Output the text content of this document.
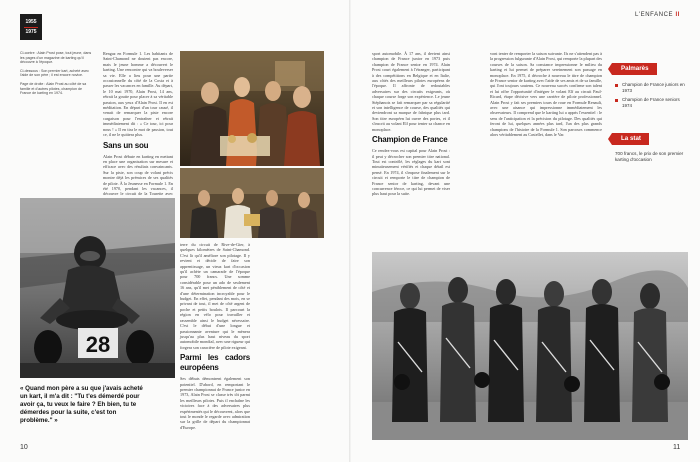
1955
1975

Ci-contre : Alain Prost pose, tout jeune, dans les pages d'un magazine de karting qu'il découvre à l'époque.

Ci-dessous : Son premier kart, acheté avec l'aide de son père ; il est encore novice.

Page de droite : Alain Prost au côté de sa famille et d'autres pilotes, champion de France de karting en 1974.

Rengaz en Formule 1. Les habitants de Saint-Chamond ne doutent pas encore, mais le jeune homme a découvert le karting. Une rencontre qui va bouleverser sa vie. Elle a lieu pour une partie occasionnelle du côté de la Costa et à passer les vacances en famille. Au départ, le 10 mai 1970, Alain Prost, 14 ans, rétrait la goutte pour placer à sa véritable passion, aux yeux d'Alain Prost. Il en est méditation. En départ d'un tour causé, il venait de remarquer la piste encore cargaison pour l'entraîner et rétrait immédiatement dit : « Ce tour, ici pour nous ! » Il en tira le mot de passion, tout ce, il ne le quittera plus.

Sans un sou

Alain Prost débute en karting en mettant en place une organisation sur mesure et efficace avec des résultats convaincants. Sur la piste, son coup de volant précis montre déjà les prémices de ses qualités de pilote. À la Jeunesse en Formule 1. En été 1970, pendant les vacances, il découvre le circuit de la Tourette avec

28

terre du circuit de Rive-de-Gier, à quelques kilomètres de Saint-Chamond. C'est là qu'il améliore son pilotage. Il y revient et décide de faire son apprentissage, un vieux kart d'occasion qu'il achète un camarade de l'époque pour 700 francs. Une somme considérable pour un ado de seulement 16 ans, qu'il met péniblement de côté et d'une détermination incroyable pour le budget. En effet, pendant des mois, en se privant de tout, il met de côté argent de poche et petits boulots. Il parcourt la région en vélo pour travailler et rassemble ainsi le budget nécessaire. C'est le début d'une longue et passionnante aventure qui le mènera jusqu'au plus haut niveau du sport automobile mondial, avec une rigueur qui forgera son caractère de pilote exigeant.

Parmi les cadors européens

Ses débuts démontrent également son potentiel. D'abord, en remportant le premier championnat de France junior en 1973, Alain Prost se classe très tôt parmi les meilleurs pilotes. Puis il enchaîne les victoires face à des adversaires plus expérimentés qui le découvrent, alors que tout le monde le regarde avec admiration sur la grille de départ du championnat d'Europe.

« Quand mon père a su que j'avais acheté un kart, il m'a dit : "Tu t'es démerdé pour avoir ça, tu veux le faire ? Eh bien, tu te démerdes pour la suite, c'est ton problème." »
10
L'ENFANCE II

sport automobile. À 17 ans, il devient ainsi champion de France junior en 1973 puis champion de France senior en 1974. Alain Prost court également à l'étranger, participant à des compétitions en Belgique et en Italie, aux côtés des meilleurs pilotes européens de l'époque. Il affronte de redoutables adversaires sur des circuits exigeants, où chaque course forge son expérience. Le jeune Stéphanois se fait remarquer par sa régularité et son intelligence de course, des qualités qui deviendront sa marque de fabrique plus tard. Son titre européen lui ouvre des portes, et il s'inscrit au volant Elf pour tenter sa chance en monoplace.

Champion de France

Ce rendez-vous est capital pour Alain Prost : il peut y décrocher son premier titre national. Tout est contrôlé, les réglages du kart sont minutieusement vérifiés et chaque détail est pensé. En 1974, il s'impose finalement sur le circuit et remporte le titre de champion de France senior de karting, devant une concurrence féroce, ce qui lui permet de viser plus haut pour la suite.

vont tenter de remporter la saison suivante. Ils ne s'attendent pas à la progression fulgurante d'Alain Prost, qui remporte la plupart des courses de la saison. Sa constance impressionne le milieu du karting et lui permet de préparer sereinement son passage en monoplace. En 1975, il décroche à nouveau le titre de champion de France senior de karting avec l'aide de ses amis et de sa famille, qui l'ont toujours soutenu. Ce nouveau succès confirme son talent et lui offre l'opportunité d'intégrer le volant Elf au circuit Paul-Ricard, étape décisive vers une carrière de pilote professionnel. Alain Prost y fait ses premiers tours de roue en Formule Renault, avec une aisance qui impressionne immédiatement les observateurs. Il comprend que le karting lui a appris l'essentiel : le sens de l'anticipation et la précision du pilotage. Des qualités qui feront de lui, quelques années plus tard, l'un des plus grands champions de l'histoire de la Formule 1. Son parcours commence alors véritablement au Castellet, dans le Var.

Palmarès
Champion de France juniors en 1973
Champion de France seniors 1974
La stat

700 francs, le prix de son premier karting d'occasion

11
